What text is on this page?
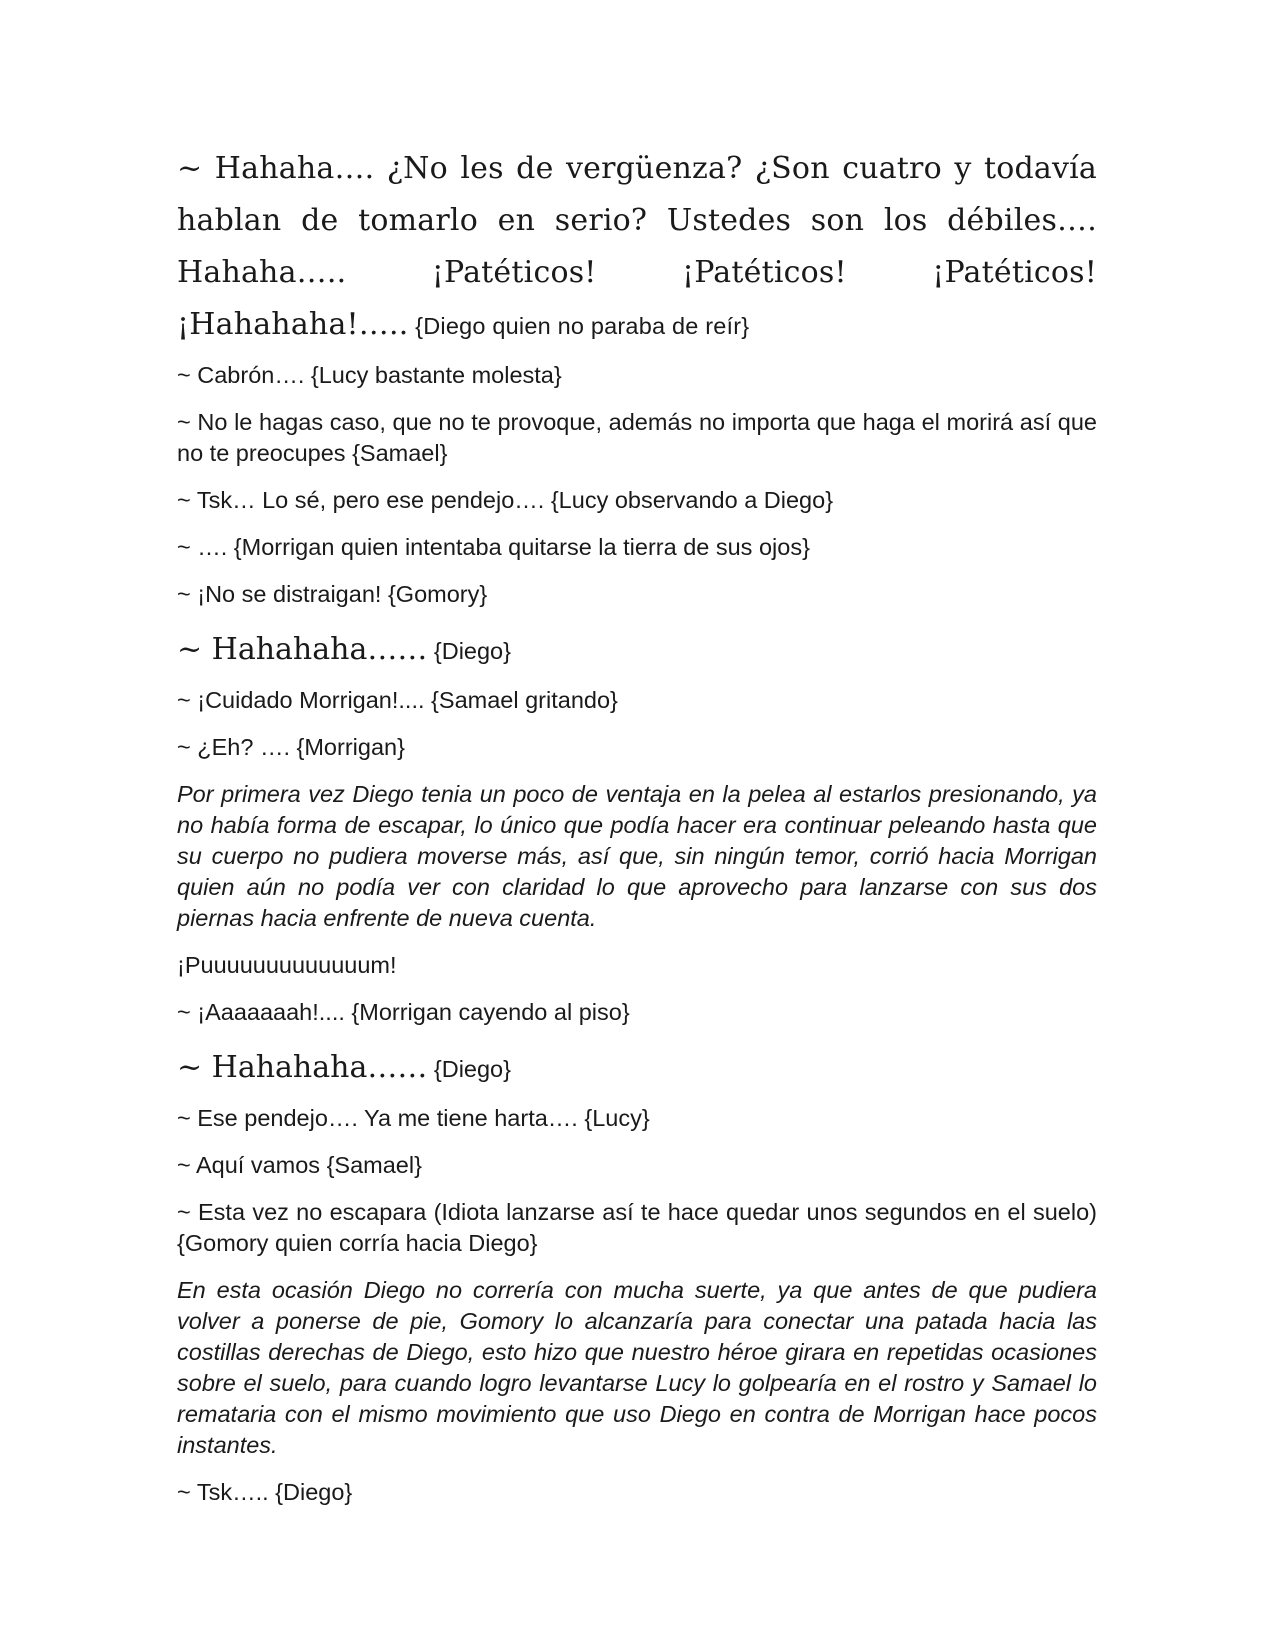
~ Hahaha…. ¿No les de vergüenza? ¿Son cuatro y todavía hablan de tomarlo en serio? Ustedes son los débiles…. Hahaha….. ¡Patéticos! ¡Patéticos! ¡Patéticos! ¡Hahahaha!….. {Diego quien no paraba de reír}

~ Cabrón…. {Lucy bastante molesta}

~ No le hagas caso, que no te provoque, además no importa que haga el morirá así que no te preocupes {Samael}

~ Tsk… Lo sé, pero ese pendejo…. {Lucy observando a Diego}

~ …. {Morrigan quien intentaba quitarse la tierra de sus ojos}

~ ¡No se distraigan! {Gomory}

~ Hahahaha…… {Diego}

~ ¡Cuidado Morrigan!.... {Samael gritando}

~ ¿Eh? …. {Morrigan}

Por primera vez Diego tenia un poco de ventaja en la pelea al estarlos presionando, ya no había forma de escapar, lo único que podía hacer era continuar peleando hasta que su cuerpo no pudiera moverse más, así que, sin ningún temor, corrió hacia Morrigan quien aún no podía ver con claridad lo que aprovecho para lanzarse con sus dos piernas hacia enfrente de nueva cuenta.

¡Puuuuuuuuuuuuum!

~ ¡Aaaaaaah!.... {Morrigan cayendo al piso}

~ Hahahaha…… {Diego}

~ Ese pendejo…. Ya me tiene harta…. {Lucy}

~ Aquí vamos {Samael}

~ Esta vez no escapara (Idiota lanzarse así te hace quedar unos segundos en el suelo) {Gomory quien corría hacia Diego}

En esta ocasión Diego no correría con mucha suerte, ya que antes de que pudiera volver a ponerse de pie, Gomory lo alcanzaría para conectar una patada hacia las costillas derechas de Diego, esto hizo que nuestro héroe girara en repetidas ocasiones sobre el suelo, para cuando logro levantarse Lucy lo golpearía en el rostro y Samael lo remataria con el mismo movimiento que uso Diego en contra de Morrigan hace pocos instantes.

~ Tsk….. {Diego}
